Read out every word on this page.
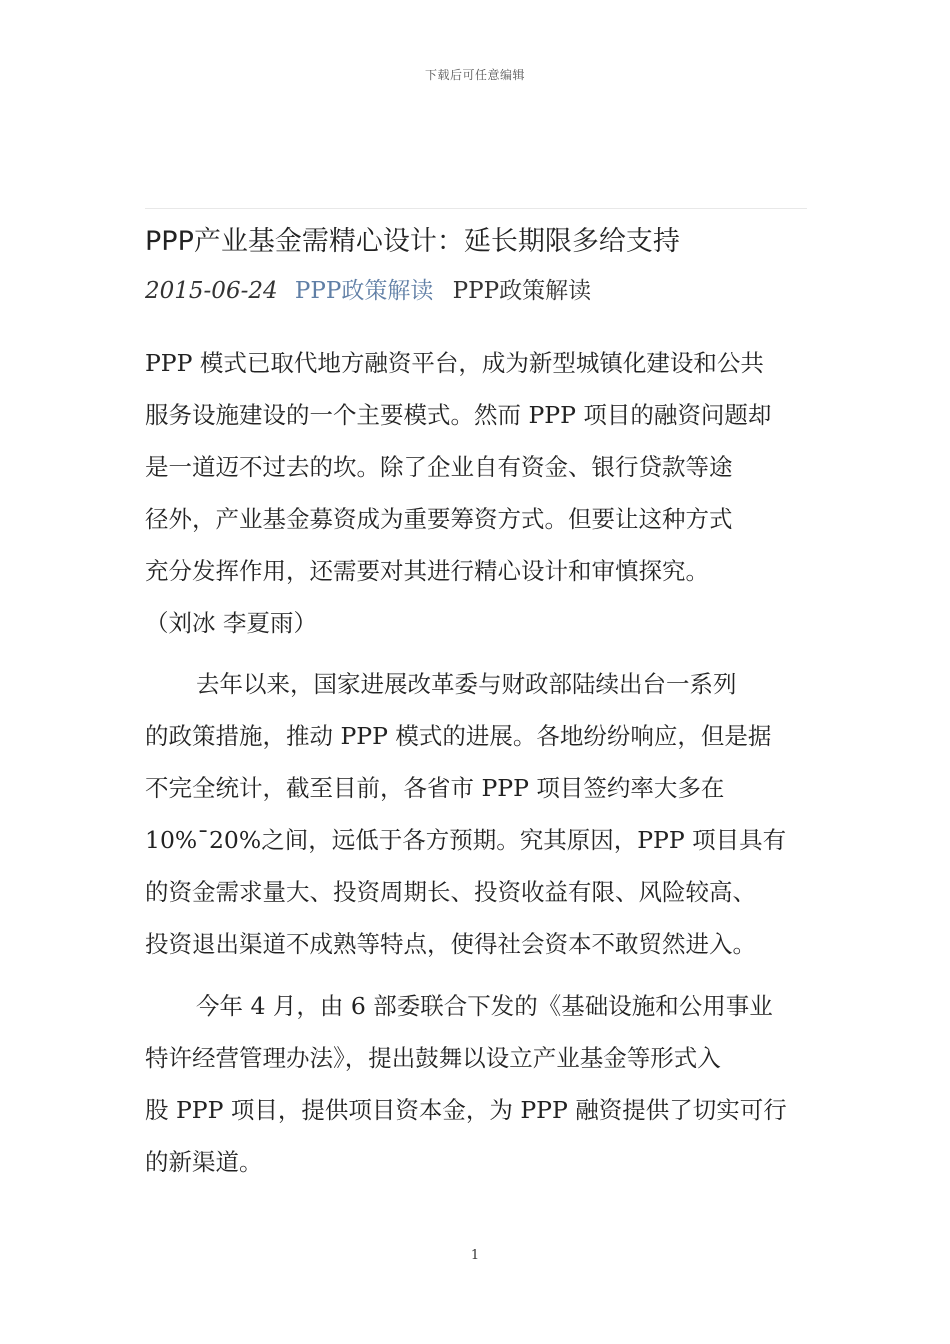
下载后可任意编辑
PPP产业基金需精心设计：延长期限多给支持
2015-06-24 PPP政策解读 PPP政策解读
PPP 模式已取代地方融资平台，成为新型城镇化建设和公共
服务设施建设的一个主要模式。然而 PPP 项目的融资问题却
是一道迈不过去的坎。除了企业自有资金、银行贷款等途
径外，产业基金募资成为重要筹资方式。但要让这种方式
充分发挥作用，还需要对其进行精心设计和审慎探究。
（刘冰 李夏雨）
去年以来，国家进展改革委与财政部陆续出台一系列
的政策措施，推动 PPP 模式的进展。各地纷纷响应，但是据
不完全统计，截至目前，各省市 PPP 项目签约率大多在
10%¯20%之间，远低于各方预期。究其原因，PPP 项目具有
的资金需求量大、投资周期长、投资收益有限、风险较高、
投资退出渠道不成熟等特点，使得社会资本不敢贸然进入。
今年 4 月，由 6 部委联合下发的《基础设施和公用事业
特许经营管理办法》，提出鼓舞以设立产业基金等形式入
股 PPP 项目，提供项目资本金，为 PPP 融资提供了切实可行
的新渠道。
1
